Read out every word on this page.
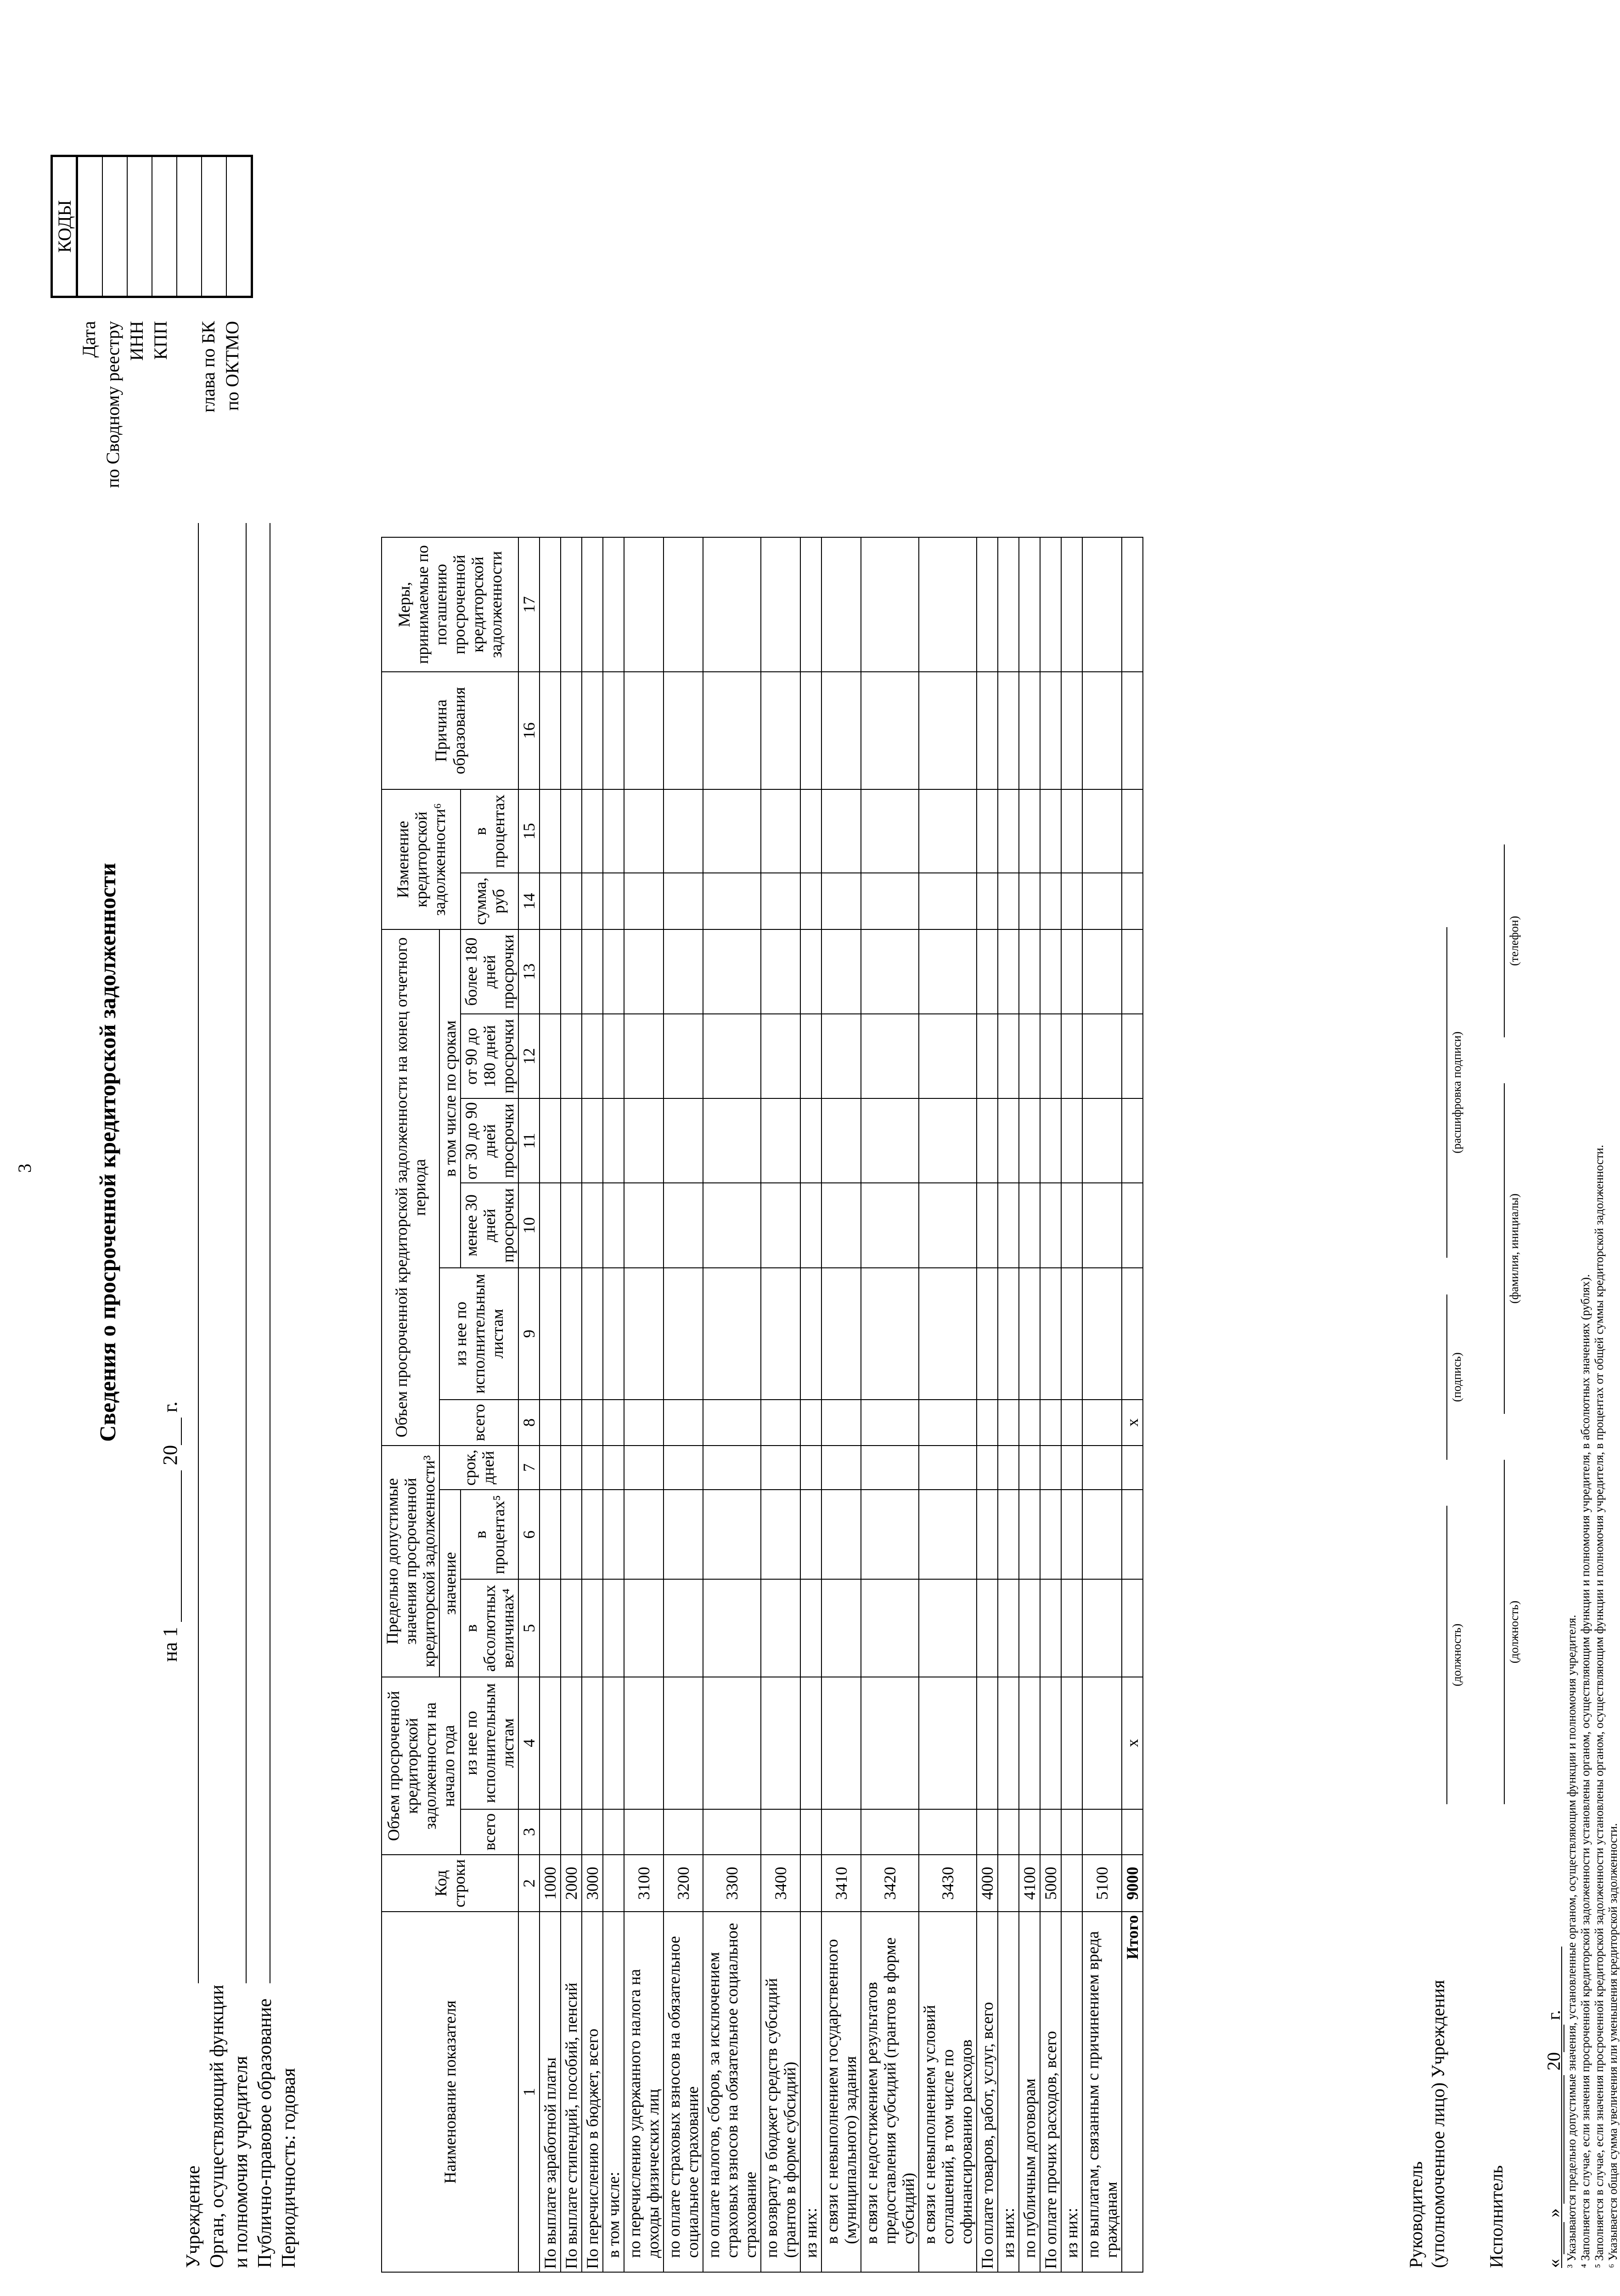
3	Сведения о просроченной кредиторской задолженности
на 1  20 г.
Учреждение Орган, осуществляющий функции и полномочия учредителя Публично-правовое образование Периодичность: годовая
КОДЫ

Дата по Сводному реестру ИНН КПП глава по БК по ОКТМО
Наименование показателя	Код строки	Объем просроченной кредиторской задолженности на начало года		Предельно допустимые значения просроченной кредиторской задолженности³			Объем просроченной кредиторской задолженности на конец отчетного периода						Изменение кредиторской задолженности⁶		Причина образования	Меры, принимаемые по погашению просроченной кредиторской задолженности
				значение		срок, дней	всего	из нее по исполнительным листам	в том числе по срокам							
		всего	из нее по исполнительным листам	в абсолютных величинах⁴	в процентах⁵				менее 30 дней просрочки	от 30 до 90 дней просрочки	от 90 до 180 дней просрочки	более 180 дней просрочки	сумма, руб	в процентах		

1	2	3	4	5	6	7	8	9	10	11	12	13	14	15	16	17
По выплате заработной платы	1000															
По выплате стипендий, пособий, пенсий	2000															
По перечислению в бюджет, всего	3000															
в том числе:																
по перечислению удержанного налога на доходы физических лиц	3100															
по оплате страховых взносов на обязательное социальное страхование	3200															
по оплате налогов, сборов, за исключением страховых взносов на обязательное социальное страхование	3300															
по возврату в бюджет средств субсидий (грантов в форме субсидий)	3400															
из них:																
в связи с невыполнением государственного (муниципального) задания	3410															
в связи с недостижением результатов предоставления субсидий (грантов в форме субсидий)	3420															
в связи с невыполнением условий соглашений, в том числе по софинансированию расходов	3430															
По оплате товаров, работ, услуг, всего	4000															
из них:																
по публичным договорам	4100															
По оплате прочих расходов, всего	5000															
из них:																
по выплатам, связанным с причинением вреда гражданам	5100															
Итого	9000		x				x									
Руководитель (уполномоченное лицо) Учреждения
(должность)
(подпись)
(расшифровка подписи)
Исполнитель
(должность)
(фамилия, инициалы)
(телефон)
«  »  20 г. ³ Указываются предельно допустимые значения, установленные органом, осуществляющим функции и полномочия учредителя. ⁴ Заполняется в случае, если значения просроченной кредиторской задолженности установлены органом, осуществляющим функции и полномочия учредителя, в абсолютных значениях (рублях). ⁵ Заполняется в случае, если значения просроченной кредиторской задолженности установлены органом, осуществляющим функции и полномочия учредителя, в процентах от общей суммы кредиторской задолженности. ⁶ Указывается общая сумма увеличения или уменьшения кредиторской задолженности.
